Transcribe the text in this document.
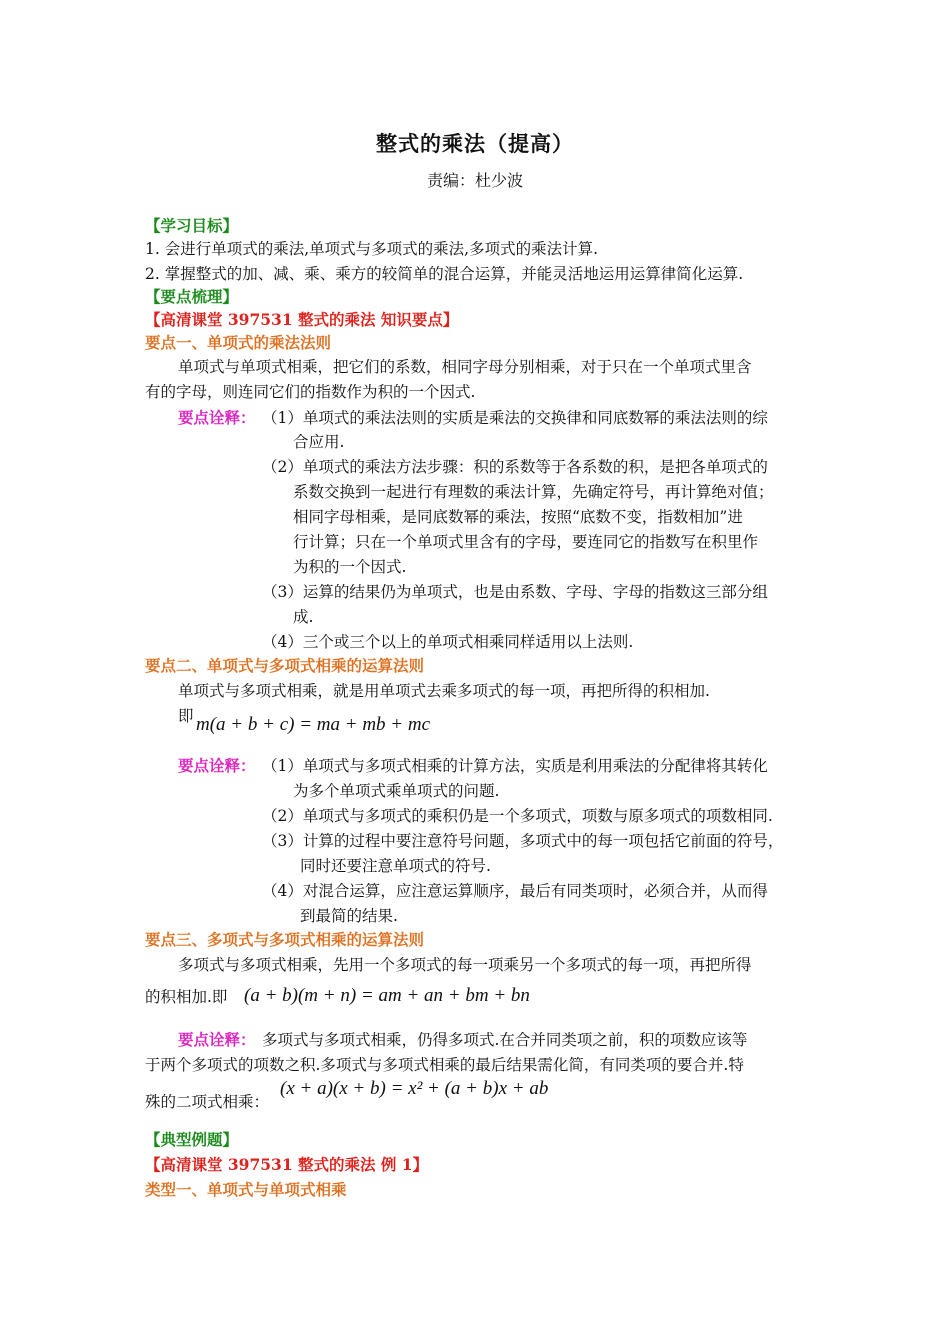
整式的乘法（提高）
责编：杜少波
【学习目标】
1. 会进行单项式的乘法,单项式与多项式的乘法,多项式的乘法计算.
2. 掌握整式的加、减、乘、乘方的较简单的混合运算，并能灵活地运用运算律简化运算.
【要点梳理】
【高清课堂 397531 整式的乘法 知识要点】
要点一、单项式的乘法法则
单项式与单项式相乘，把它们的系数，相同字母分别相乘，对于只在一个单项式里含
有的字母，则连同它们的指数作为积的一个因式.
要点诠释： （1）单项式的乘法法则的实质是乘法的交换律和同底数幂的乘法法则的综
合应用.
（2）单项式的乘法方法步骤：积的系数等于各系数的积，是把各单项式的
系数交换到一起进行有理数的乘法计算，先确定符号，再计算绝对值；
相同字母相乘，是同底数幂的乘法，按照“底数不变，指数相加”进
行计算；只在一个单项式里含有的字母，要连同它的指数写在积里作
为积的一个因式.
（3）运算的结果仍为单项式，也是由系数、字母、字母的指数这三部分组
成.
（4）三个或三个以上的单项式相乘同样适用以上法则.
要点二、单项式与多项式相乘的运算法则
单项式与多项式相乘，就是用单项式去乘多项式的每一项，再把所得的积相加.
即 m(a + b + c) = ma + mb + mc
要点诠释： （1）单项式与多项式相乘的计算方法，实质是利用乘法的分配律将其转化
为多个单项式乘单项式的问题.
（2）单项式与多项式的乘积仍是一个多项式，项数与原多项式的项数相同.
（3）计算的过程中要注意符号问题，多项式中的每一项包括它前面的符号，
同时还要注意单项式的符号.
（4）对混合运算，应注意运算顺序，最后有同类项时，必须合并，从而得
到最简的结果.
要点三、多项式与多项式相乘的运算法则
多项式与多项式相乘，先用一个多项式的每一项乘另一个多项式的每一项，再把所得
的积相加.即 (a + b)(m + n) = am + an + bm + bn
要点诠释： 多项式与多项式相乘，仍得多项式.在合并同类项之前，积的项数应该等
于两个多项式的项数之积.多项式与多项式相乘的最后结果需化简，有同类项的要合并.特
殊的二项式相乘：
(x + a)(x + b) = x² + (a + b)x + ab
【典型例题】
【高清课堂 397531 整式的乘法 例 1】
类型一、单项式与单项式相乘
